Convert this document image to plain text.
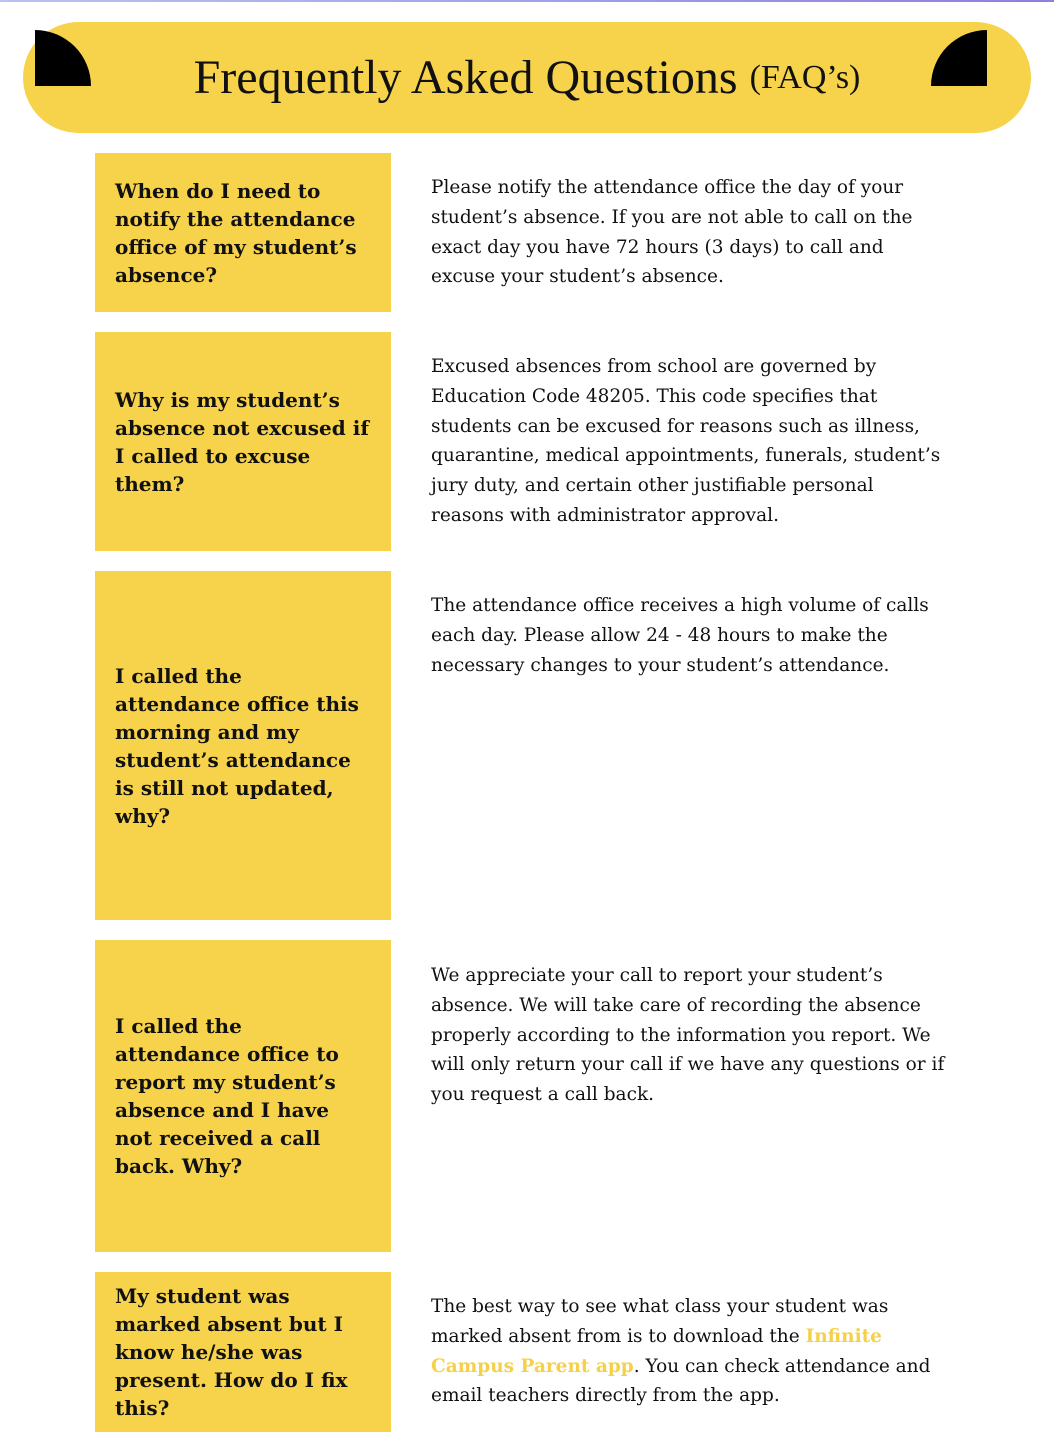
Frequently Asked Questions (FAQ’s)
When do I need to notify the attendance office of my student’s absence?
Please notify the attendance office the day of your student’s absence. If you are not able to call on the exact day you have 72 hours (3 days) to call and excuse your student’s absence.
Why is my student’s absence not excused if I called to excuse them?
Excused absences from school are governed by Education Code 48205. This code specifies that students can be excused for reasons such as illness, quarantine, medical appointments, funerals, student’s jury duty, and certain other justifiable personal reasons with administrator approval.
I called the attendance office this morning and my student’s attendance is still not updated, why?
The attendance office receives a high volume of calls each day. Please allow 24 - 48 hours to make the necessary changes to your student’s attendance.
I called the attendance office to report my student’s absence and I have not received a call back. Why?
We appreciate your call to report your student’s absence. We will take care of recording the absence properly according to the information you report. We will only return your call if we have any questions or if you request a call back.
My student was marked absent but I know he/she was present. How do I fix this?
The best way to see what class your student was marked absent from is to download the Infinite Campus Parent app. You can check attendance and email teachers directly from the app.
